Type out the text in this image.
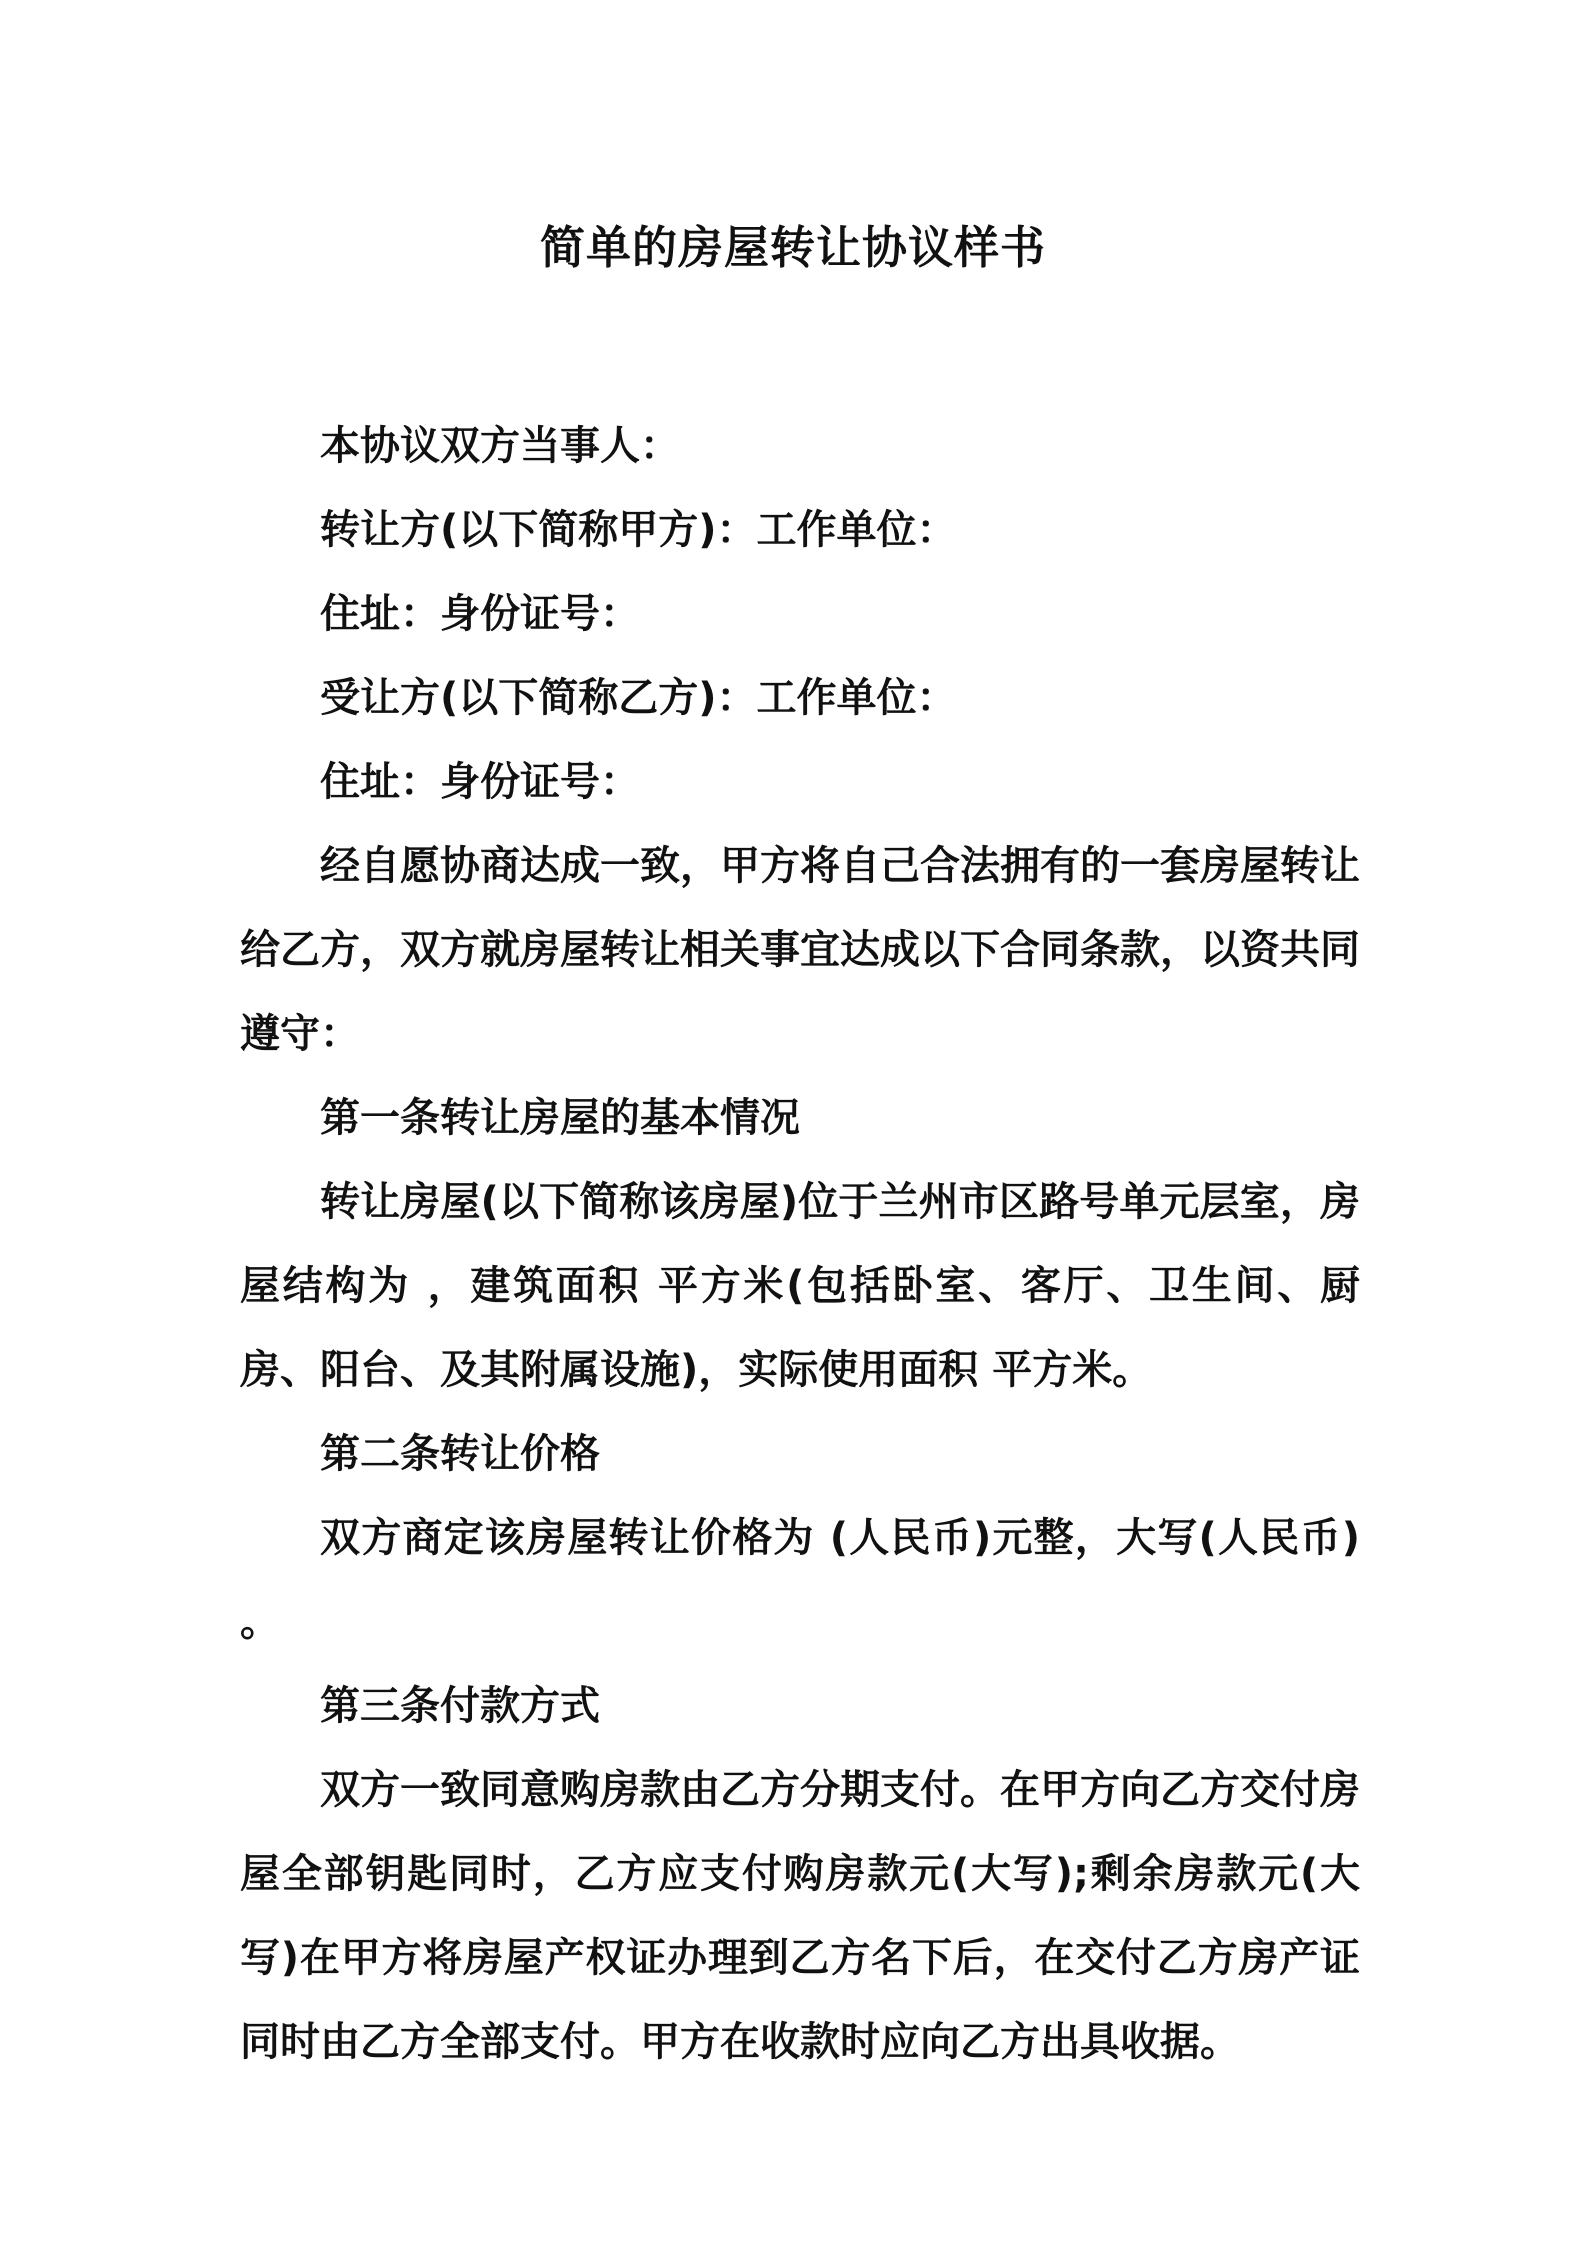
简单的房屋转让协议样书

本协议双方当事人：

转让方(以下简称甲方)：工作单位：

住址：身份证号：

受让方(以下简称乙方)：工作单位：

住址：身份证号：

经自愿协商达成一致，甲方将自己合法拥有的一套房屋转让给乙方，双方就房屋转让相关事宜达成以下合同条款，以资共同遵守：

第一条转让房屋的基本情况

转让房屋(以下简称该房屋)位于兰州市区路号单元层室，房屋结构为 ，建筑面积 平方米(包括卧室、客厅、卫生间、厨房、阳台、及其附属设施)，实际使用面积 平方米。

第二条转让价格

双方商定该房屋转让价格为 (人民币)元整，大写(人民币) 。

第三条付款方式

双方一致同意购房款由乙方分期支付。在甲方向乙方交付房屋全部钥匙同时，乙方应支付购房款元(大写);剩余房款元(大写)在甲方将房屋产权证办理到乙方名下后，在交付乙方房产证同时由乙方全部支付。甲方在收款时应向乙方出具收据。
